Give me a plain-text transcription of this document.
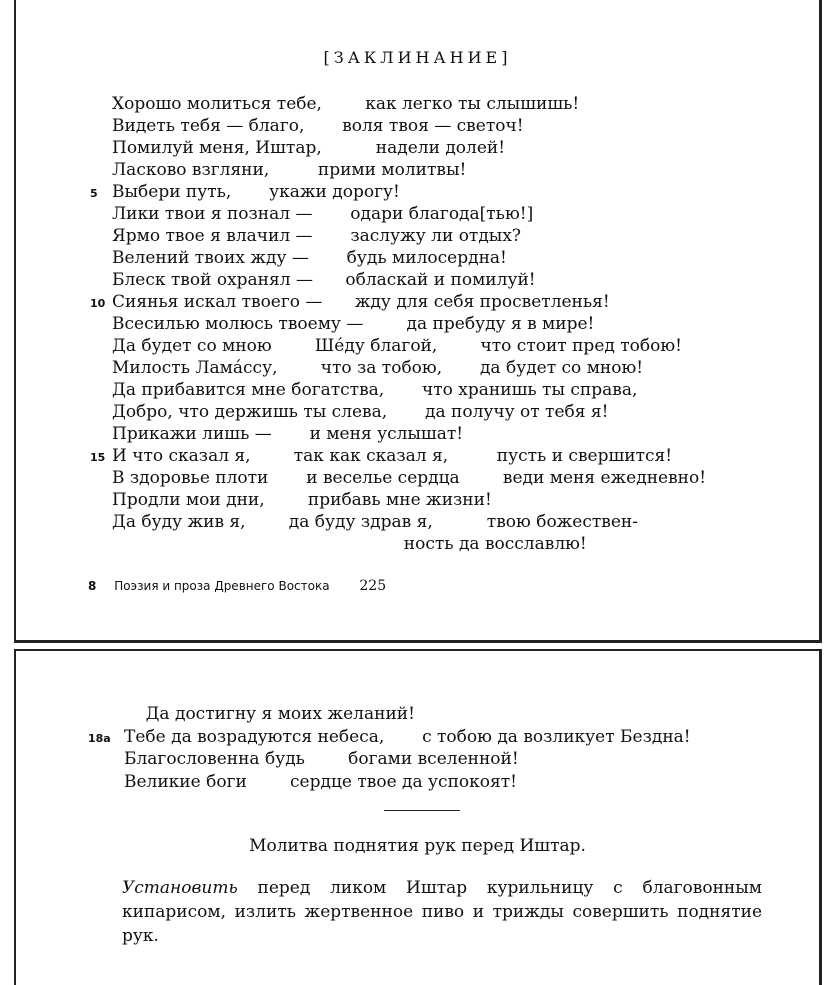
[ЗАКЛИНАНИЕ]
Хорошо молиться тебе,        как легко ты слышишь!
Видеть тебя — благо,       воля твоя — светоч!
Помилуй меня, Иштар,          надели долей!
Ласково взгляни,         прими молитвы!
5 Выбери путь,       укажи дорогу!
Лики твои я познал —       одари благода[тью!]
Ярмо твое я влачил —       заслужу ли отдых?
Велений твоих жду —       будь милосердна!
Блеск твой охранял —      обласкай и помилуй!
10 Сиянья искал твоего —      жду для себя просветленья!
Всесилью молюсь твоему —        да пребуду я в мире!
Да будет со мною        Шéду благой,        что стоит пред тобою!
Милость Ламáссу,        что за тобою,       да будет со мною!
Да прибавится мне богатства,       что хранишь ты справа,
Добро, что держишь ты слева,       да получу от тебя я!
Прикажи лишь —       и меня услышат!
15 И что сказал я,        так как сказал я,         пусть и свершится!
В здоровье плоти       и веселье сердца        веди меня ежедневно!
Продли мои дни,        прибавь мне жизни!
Да буду жив я,        да буду здрав я,          твою божествен-
ность да восславлю!
8 Поэзия и проза Древнего Востока 225
Да достигну я моих желаний!
18а Тебе да возрадуются небеса,       с тобою да возликует Бездна!
Благословенна будь        богами вселенной!
Великие боги        сердце твое да успокоят!
Молитва поднятия рук перед Иштар.
Установить перед ликом Иштар курильницу с благовонным кипарисом, излить жертвенное пиво и трижды совершить поднятие рук.
